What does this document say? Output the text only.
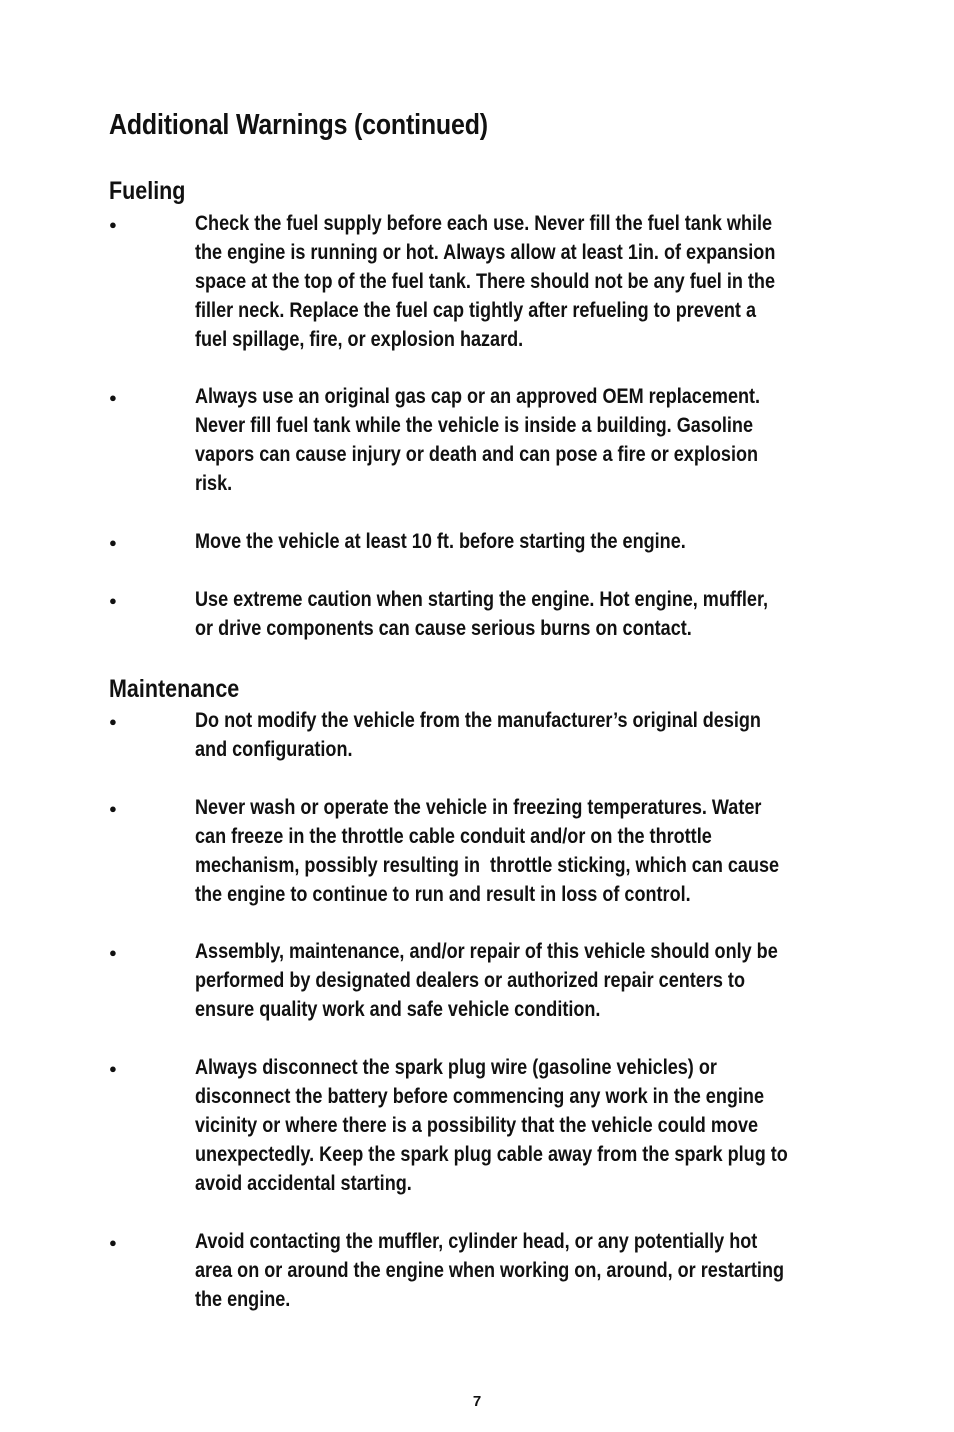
Additional Warnings (continued)
Fueling
●	Check the fuel supply before each use. Never fill the fuel tank while
the engine is running or hot. Always allow at least 1in. of expansion
space at the top of the fuel tank. There should not be any fuel in the
filler neck. Replace the fuel cap tightly after refueling to prevent a
fuel spillage, fire, or explosion hazard.

●	Always use an original gas cap or an approved OEM replacement.
Never fill fuel tank while the vehicle is inside a building. Gasoline
vapors can cause injury or death and can pose a fire or explosion
risk.

●	Move the vehicle at least 10 ft. before starting the engine.

●	Use extreme caution when starting the engine. Hot engine, muffler,
or drive components can cause serious burns on contact.

Maintenance
●	Do not modify the vehicle from the manufacturer’s original design
and configuration.

●	Never wash or operate the vehicle in freezing temperatures. Water
can freeze in the throttle cable conduit and/or on the throttle
mechanism, possibly resulting in  throttle sticking, which can cause
the engine to continue to run and result in loss of control.

●	Assembly, maintenance, and/or repair of this vehicle should only be
performed by designated dealers or authorized repair centers to
ensure quality work and safe vehicle condition.

●	Always disconnect the spark plug wire (gasoline vehicles) or
disconnect the battery before commencing any work in the engine
vicinity or where there is a possibility that the vehicle could move
unexpectedly. Keep the spark plug cable away from the spark plug to
avoid accidental starting.

●	Avoid contacting the muffler, cylinder head, or any potentially hot
area on or around the engine when working on, around, or restarting
the engine.

7
